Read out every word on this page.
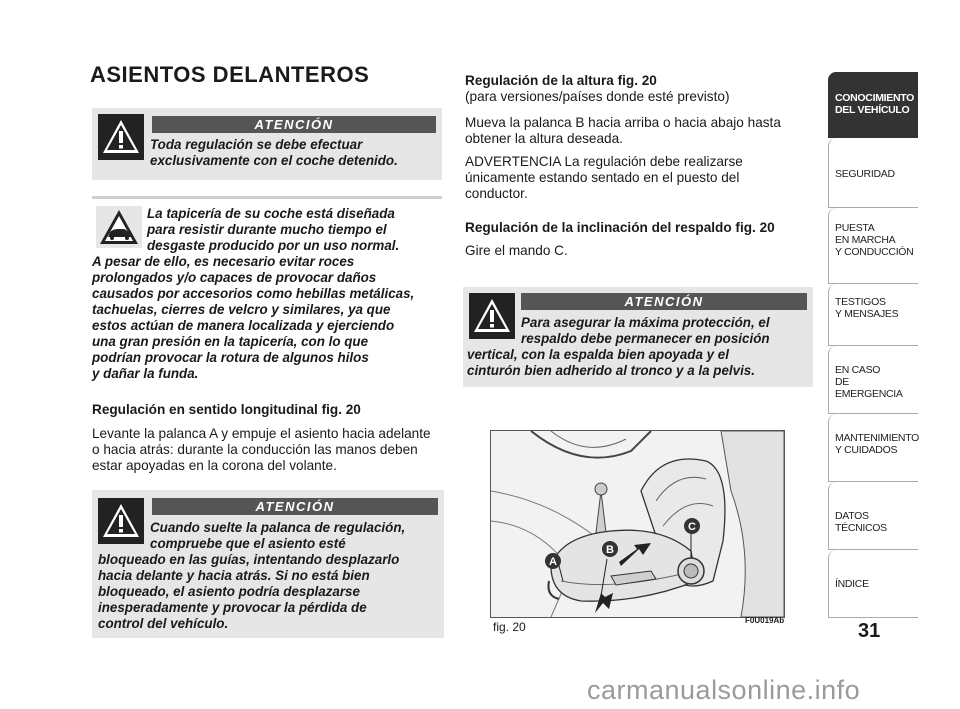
ASIENTOS DELANTEROS
ATENCIÓN
Toda regulación se debe efectuar
exclusivamente con el coche detenido.
La tapicería de su coche está diseñada
para resistir durante mucho tiempo el
desgaste producido por un uso normal.
A pesar de ello, es necesario evitar roces
prolongados y/o capaces de provocar daños
causados por accesorios como hebillas metálicas,
tachuelas, cierres de velcro y similares, ya que
estos actúan de manera localizada y ejerciendo
una gran presión en la tapicería, con lo que
podrían provocar la rotura de algunos hilos
y dañar la funda.
Regulación en sentido longitudinal fig. 20
Levante la palanca A y empuje el asiento hacia adelante
o hacia atrás: durante la conducción las manos deben
estar apoyadas en la corona del volante.
ATENCIÓN
Cuando suelte la palanca de regulación,
compruebe que el asiento esté
bloqueado en las guías, intentando desplazarlo
hacia delante y hacia atrás. Si no está bien
bloqueado, el asiento podría desplazarse
inesperadamente y provocar la pérdida de
control del vehículo.
Regulación de la altura fig. 20
(para versiones/países donde esté previsto)
Mueva la palanca B hacia arriba o hacia abajo hasta
obtener la altura deseada.
ADVERTENCIA La regulación debe realizarse
únicamente estando sentado en el puesto del
conductor.
Regulación de la inclinación del respaldo fig. 20
Gire el mando C.
ATENCIÓN
Para asegurar la máxima protección, el
respaldo debe permanecer en posición
vertical, con la espalda bien apoyada y el
cinturón bien adherido al tronco y a la pelvis.
A
B
C
fig. 20	F0U019Ab
CONOCIMIENTO
DEL VEHÍCULO
SEGURIDAD
PUESTA
EN MARCHA
Y CONDUCCIÓN
TESTIGOS
Y MENSAJES
EN CASO
DE EMERGENCIA
MANTENIMIENTO
Y CUIDADOS
DATOS TÉCNICOS
ÍNDICE
31
carmanualsonline.info
